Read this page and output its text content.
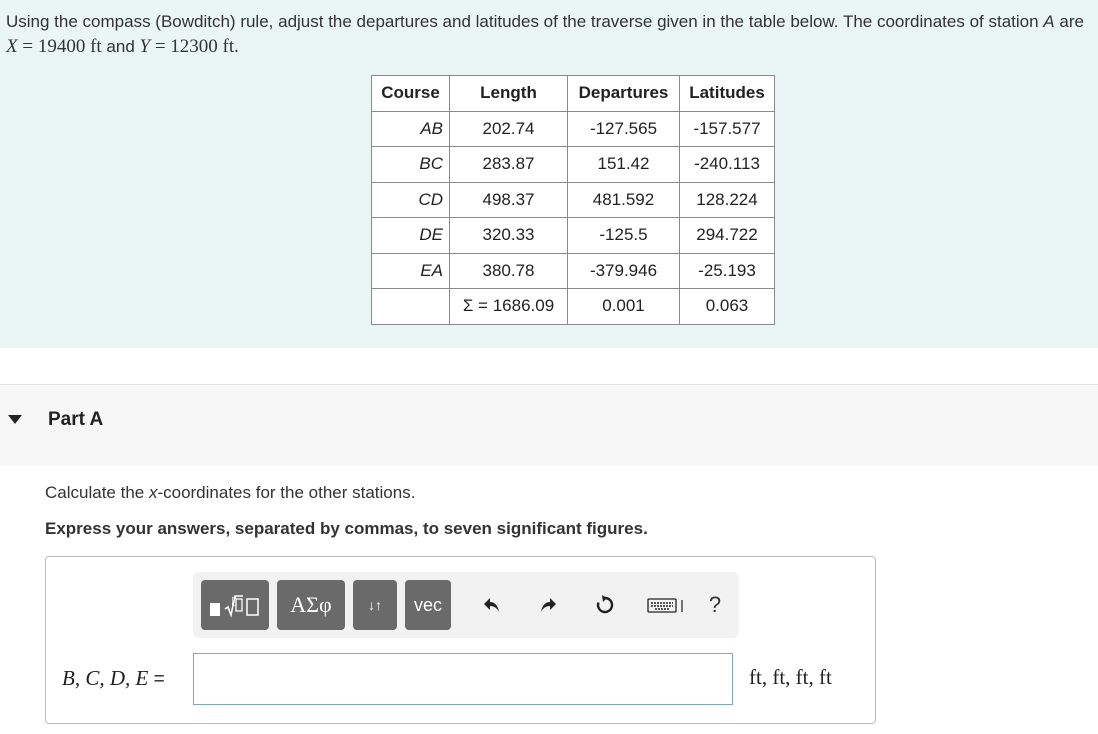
Using the compass (Bowditch) rule, adjust the departures and latitudes of the traverse given in the table below. The coordinates of station A are X = 19400 ft and Y = 12300 ft.
Course	Length	Departures	Latitudes
AB	202.74	-127.565	-157.577
BC	283.87	151.42	-240.113
CD	498.37	481.592	128.224
DE	320.33	-125.5	294.722
EA	380.78	-379.946	-25.193
	Σ = 1686.09	0.001	0.063
Part A
Calculate the x-coordinates for the other stations.
Express your answers, separated by commas, to seven significant figures.
▯	ΑΣφ	↓↑	vec	?
B, C, D, E =	ft, ft, ft, ft
